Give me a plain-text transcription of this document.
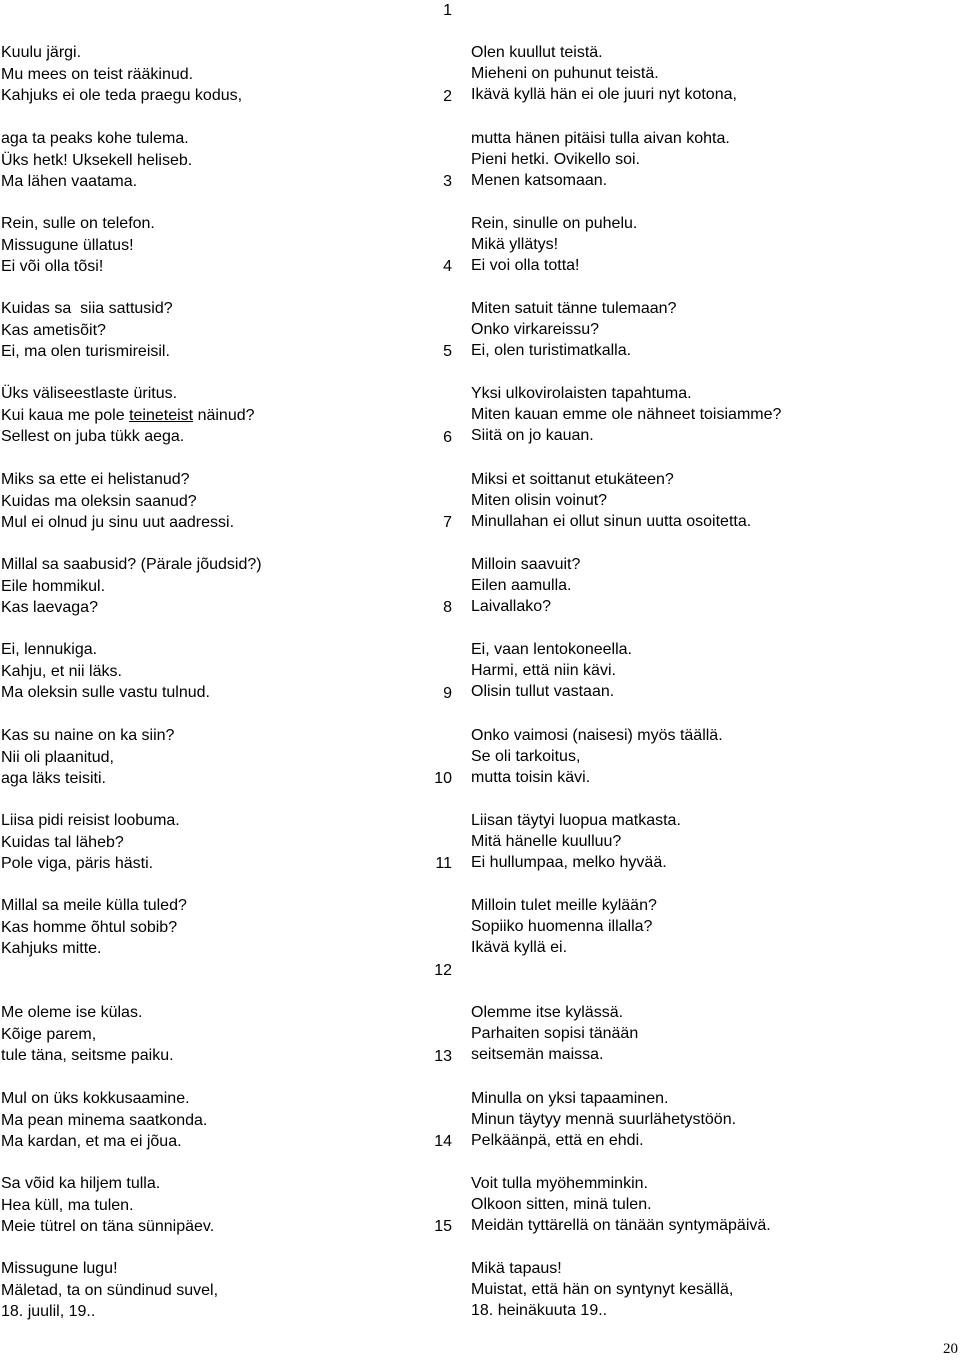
Kuulu järgi.
Mu mees on teist rääkinud.
Kahjuks ei ole teda praegu kodus,

1

Olen kuullut teistä.
Mieheni on puhunut teistä.
Ikävä kyllä hän ei ole juuri nyt kotona,

aga ta peaks kohe tulema.
Üks hetk! Uksekell heliseb.
Ma lähen vaatama.

2

mutta hänen pitäisi tulla aivan kohta.
Pieni hetki. Ovikello soi.
Menen katsomaan.

Rein, sulle on telefon.
Missugune üllatus!
Ei või olla tõsi!

3

Rein, sinulle on puhelu.
Mikä yllätys!
Ei voi olla totta!

Kuidas sa  siia sattusid?
Kas ametisõit?
Ei, ma olen turismireisil.

4

Miten satuit tänne tulemaan?
Onko virkareissu?
Ei, olen turistimatkalla.

Üks väliseestlaste üritus.
Kui kaua me pole teineteist näinud?
Sellest on juba tükk aega.

5

Yksi ulkovirolaisten tapahtuma.
Miten kauan emme ole nähneet toisiamme?
Siitä on jo kauan.

Miks sa ette ei helistanud?
Kuidas ma oleksin saanud?
Mul ei olnud ju sinu uut aadressi.

6

Miksi et soittanut etukäteen?
Miten olisin voinut?
Minullahan ei ollut sinun uutta osoitetta.

Millal sa saabusid? (Pärale jõudsid?)
Eile hommikul.
Kas laevaga?

7

Milloin saavuit?
Eilen aamulla.
Laivallako?

Ei, lennukiga.
Kahju, et nii läks.
Ma oleksin sulle vastu tulnud.

8

Ei, vaan lentokoneella.
Harmi, että niin kävi.
Olisin tullut vastaan.

Kas su naine on ka siin?
Nii oli plaanitud,
aga läks teisiti.

9

Onko vaimosi (naisesi) myös täällä.
Se oli tarkoitus,
mutta toisin kävi.

Liisa pidi reisist loobuma.
Kuidas tal läheb?
Pole viga, päris hästi.

10

Liisan täytyi luopua matkasta.
Mitä hänelle kuulluu?
Ei hullumpaa, melko hyvää.

Millal sa meile külla tuled?
Kas homme õhtul sobib?
Kahjuks mitte.

11

Milloin tulet meille kylään?
Sopiiko huomenna illalla?
Ikävä kyllä ei.

Me oleme ise külas.
Kõige parem,
tule täna, seitsme paiku.

12

Olemme itse kylässä.
Parhaiten sopisi tänään
seitsemän maissa.

Mul on üks kokkusaamine.
Ma pean minema saatkonda.
Ma kardan, et ma ei jõua.

13

Minulla on yksi tapaaminen.
Minun täytyy mennä suurlähetystöön.
Pelkäänpä, että en ehdi.

Sa võid ka hiljem tulla.
Hea küll, ma tulen.
Meie tütrel on täna sünnipäev.

14

Voit tulla myöhemminkin.
Olkoon sitten, minä tulen.
Meidän tyttärellä on tänään syntymäpäivä.

Missugune lugu!
Mäletad, ta on sündinud suvel,
18. juulil, 19..

15

Mikä tapaus!
Muistat, että hän on syntynyt kesällä,
18. heinäkuuta 19..

20
